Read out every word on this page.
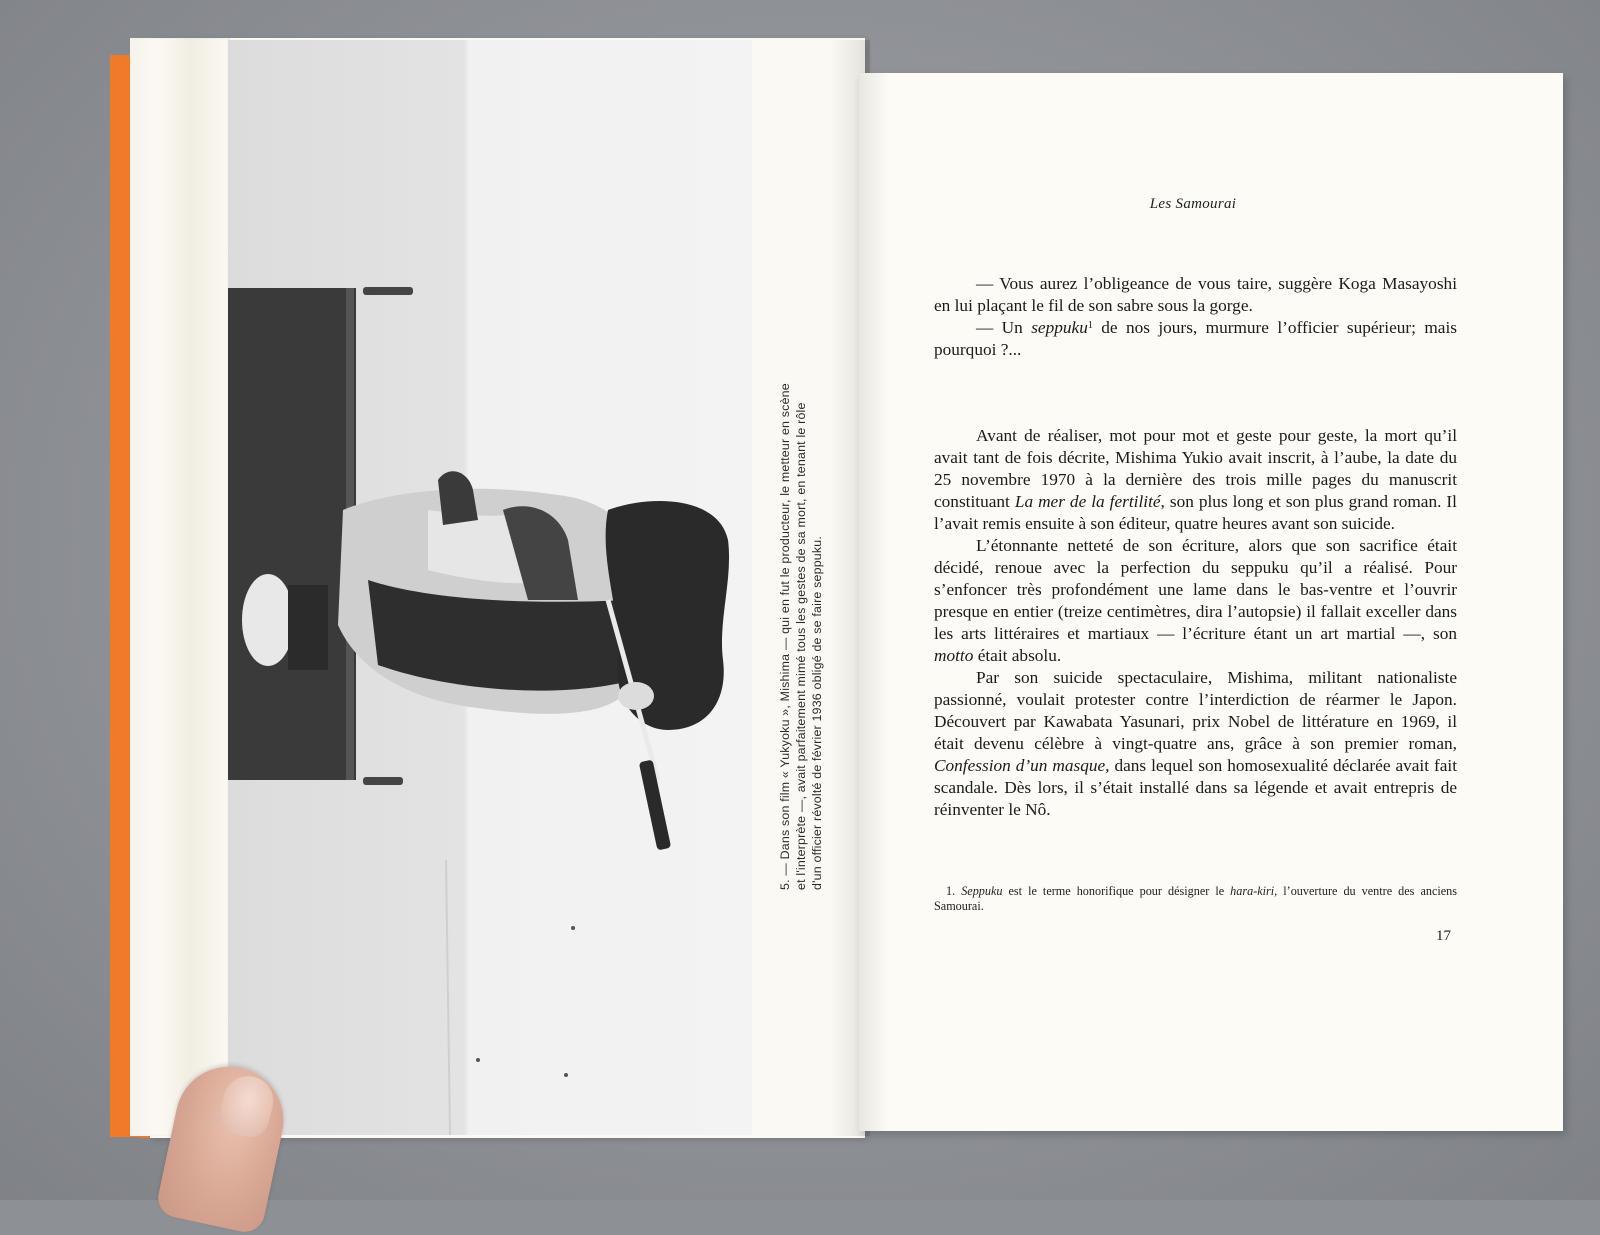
5. — Dans son film « Yukyoku », Mishima — qui en fut le producteur, le metteur en scène et l'interprète —, avait parfaitement mimé tous les gestes de sa mort, en tenant le rôle d'un officier révolté de février 1936 obligé de se faire seppuku.
Les Samourai

— Vous aurez l’obligeance de vous taire, suggère Koga Masayoshi en lui plaçant le fil de son sabre sous la gorge.

— Un seppuku$^1$ de nos jours, murmure l’officier supérieur; mais pourquoi ?...

Avant de réaliser, mot pour mot et geste pour geste, la mort qu’il avait tant de fois décrite, Mishima Yukio avait inscrit, à l’aube, la date du 25 novembre 1970 à la dernière des trois mille pages du manuscrit constituant La mer de la fertilité, son plus long et son plus grand roman. Il l’avait remis ensuite à son éditeur, quatre heures avant son suicide.

L’étonnante netteté de son écriture, alors que son sacrifice était décidé, renoue avec la perfection du seppuku qu’il a réalisé. Pour s’enfoncer très profondément une lame dans le bas-ventre et l’ouvrir presque en entier (treize centimètres, dira l’autopsie) il fallait exceller dans les arts littéraires et martiaux — l’écriture étant un art martial —, son motto était absolu.

Par son suicide spectaculaire, Mishima, militant nationaliste passionné, voulait protester contre l’interdiction de réarmer le Japon. Découvert par Kawabata Yasunari, prix Nobel de littérature en 1969, il était devenu célèbre à vingt-quatre ans, grâce à son premier roman, Confession d’un masque, dans lequel son homosexualité déclarée avait fait scandale. Dès lors, il s’était installé dans sa légende et avait entrepris de réinventer le Nô.

1. Seppuku est le terme honorifique pour désigner le hara-kiri, l’ouverture du ventre des anciens Samourai.

17
